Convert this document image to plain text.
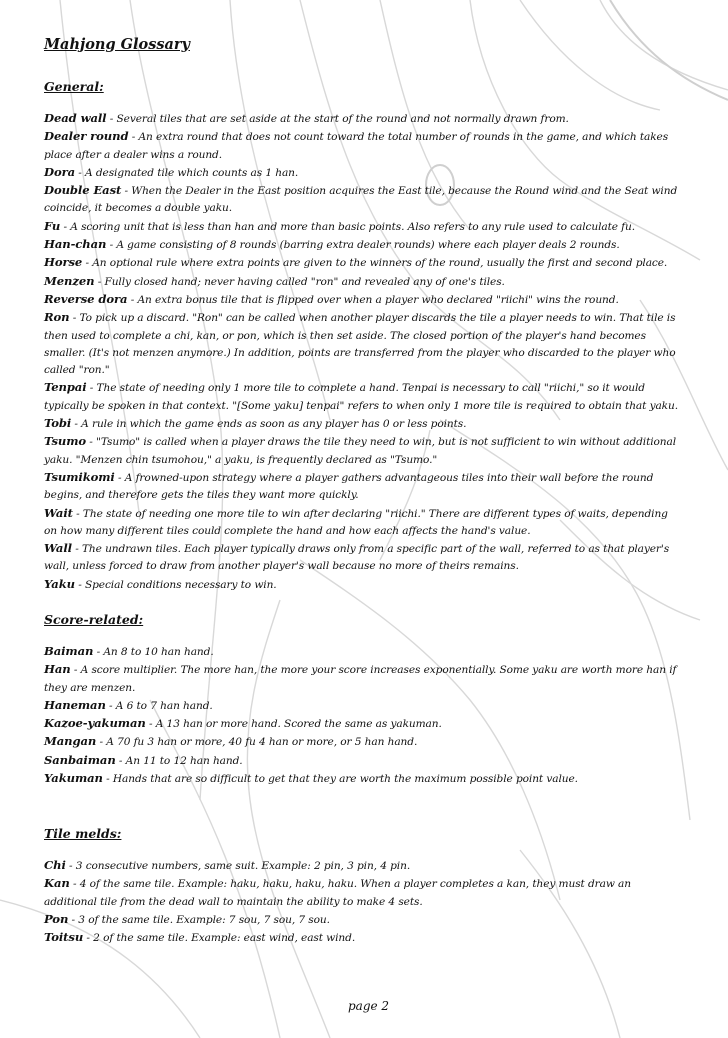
Mahjong Glossary
General:

Dead wall - Several tiles that are set aside at the start of the round and not normally drawn from.

Dealer round - An extra round that does not count toward the total number of rounds in the game, and which takes place after a dealer wins a round.

Dora - A designated tile which counts as 1 han.

Double East - When the Dealer in the East position acquires the East tile, because the Round wind and the Seat wind coincide, it becomes a double yaku.

Fu - A scoring unit that is less than han and more than basic points. Also refers to any rule used to calculate fu.

Han-chan - A game consisting of 8 rounds (barring extra dealer rounds) where each player deals 2 rounds.

Horse - An optional rule where extra points are given to the winners of the round, usually the first and second place.

Menzen - Fully closed hand; never having called "ron" and revealed any of one's tiles.

Reverse dora - An extra bonus tile that is flipped over when a player who declared "riichi" wins the round.

Ron - To pick up a discard. "Ron" can be called when another player discards the tile a player needs to win. That tile is then used to complete a chi, kan, or pon, which is then set aside. The closed portion of the player's hand becomes smaller. (It's not menzen anymore.) In addition, points are transferred from the player who discarded to the player who called "ron."

Tenpai - The state of needing only 1 more tile to complete a hand. Tenpai is necessary to call "riichi," so it would typically be spoken in that context. "[Some yaku] tenpai" refers to when only 1 more tile is required to obtain that yaku.

Tobi - A rule in which the game ends as soon as any player has 0 or less points.

Tsumo - "Tsumo" is called when a player draws the tile they need to win, but is not sufficient to win without additional yaku. "Menzen chin tsumohou," a yaku, is frequently declared as "Tsumo."

Tsumikomi - A frowned-upon strategy where a player gathers advantageous tiles into their wall before the round begins, and therefore gets the tiles they want more quickly.

Wait - The state of needing one more tile to win after declaring "riichi." There are different types of waits, depending on how many different tiles could complete the hand and how each affects the hand's value.

Wall - The undrawn tiles. Each player typically draws only from a specific part of the wall, referred to as that player's wall, unless forced to draw from another player's wall because no more of theirs remains.

Yaku - Special conditions necessary to win.

Score-related:

Baiman - An 8 to 10 han hand.

Han - A score multiplier. The more han, the more your score increases exponentially. Some yaku are worth more han if they are menzen.

Haneman - A 6 to 7 han hand.

Kazoe-yakuman - A 13 han or more hand. Scored the same as yakuman.

Mangan - A 70 fu 3 han or more, 40 fu 4 han or more, or 5 han hand.

Sanbaiman - An 11 to 12 han hand.

Yakuman - Hands that are so difficult to get that they are worth the maximum possible point value.

Tile melds:

Chi - 3 consecutive numbers, same suit. Example: 2 pin, 3 pin, 4 pin.

Kan - 4 of the same tile. Example: haku, haku, haku, haku. When a player completes a kan, they must draw an additional tile from the dead wall to maintain the ability to make 4 sets.

Pon - 3 of the same tile. Example: 7 sou, 7 sou, 7 sou.

Toitsu - 2 of the same tile. Example: east wind, east wind.

page 2
